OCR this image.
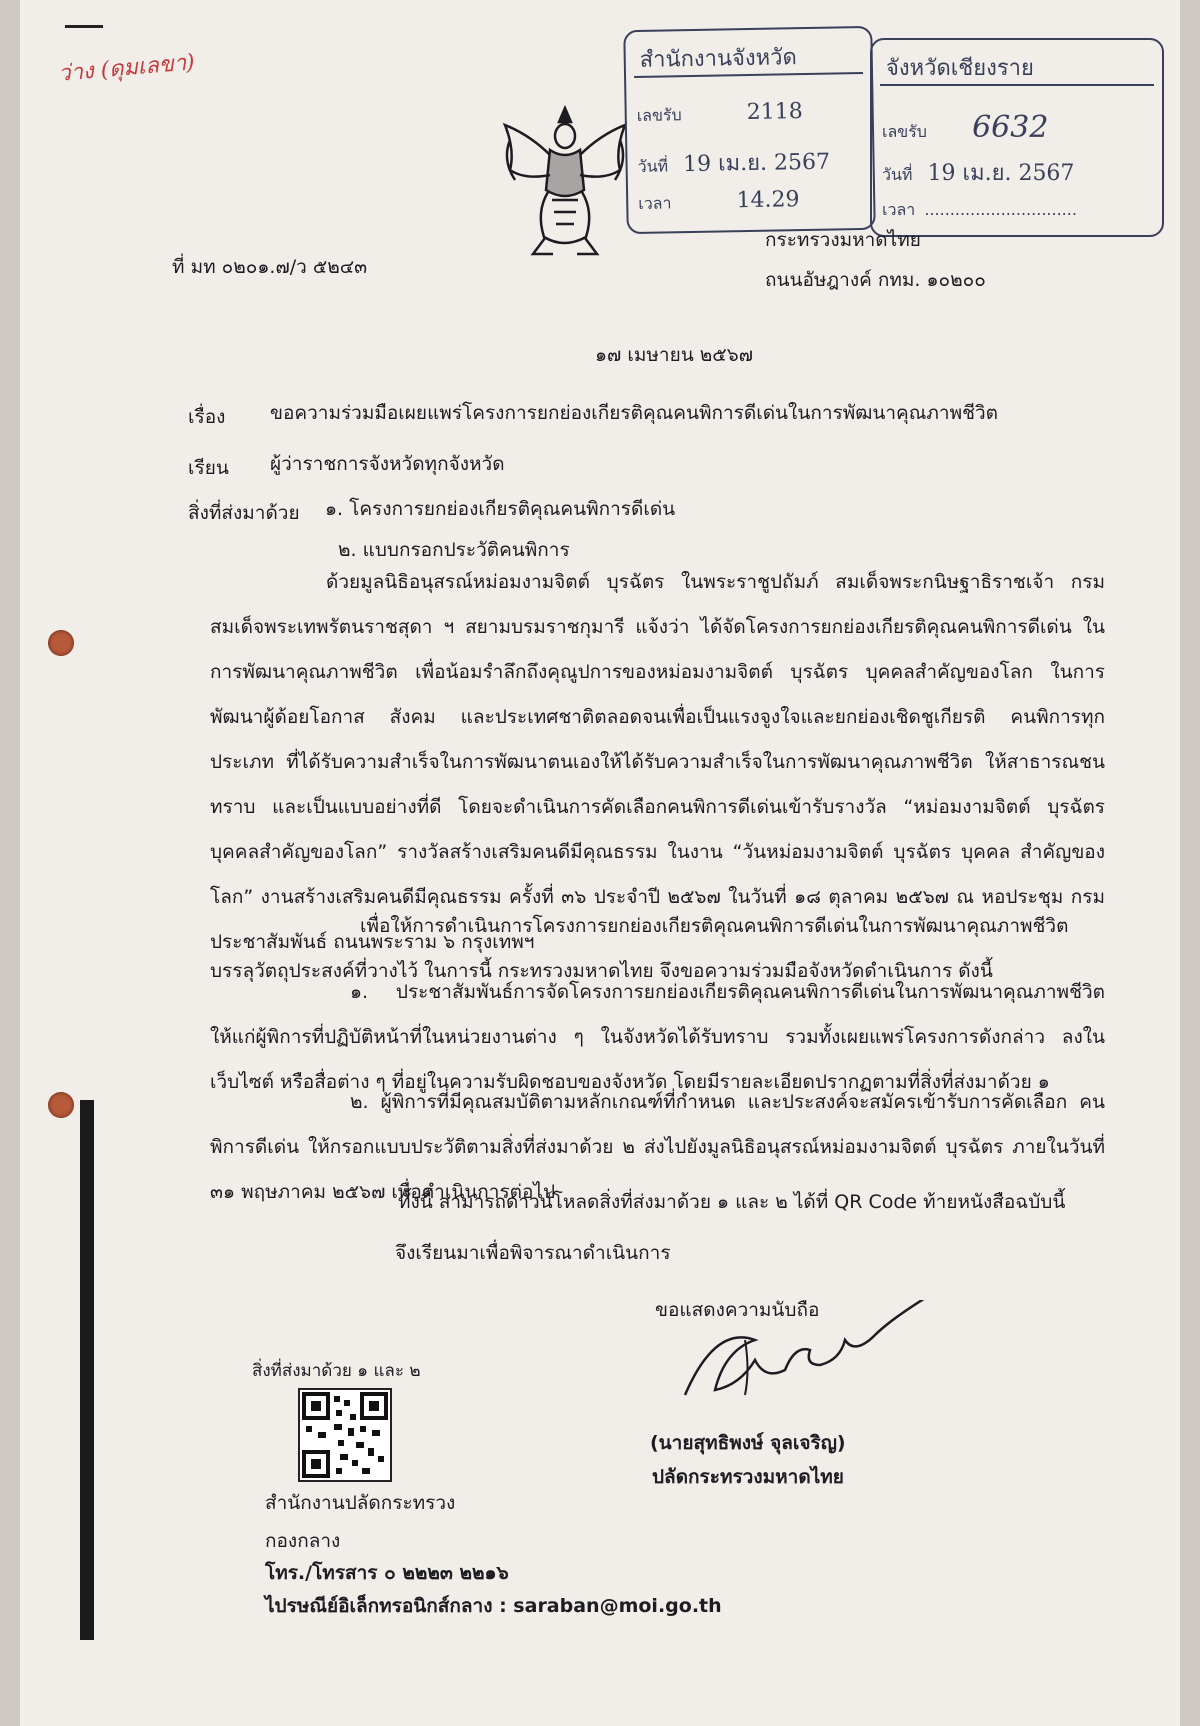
ว่าง (ดุมเลขา)	สำนักงานจังหวัด
เลขรับ	2118
วันที่ 19 เม.ย. 2567
เวลา	14.29
จังหวัดเชียงราย
เลขรับ 6632
วันที่ 19 เม.ย. 2567
เวลา ..............................
ที่ มท ๐๒๐๑.๗/ว ๕๒๔๓
กระทรวงมหาดไทย
ถนนอัษฎางค์ กทม. ๑๐๒๐๐
๑๗ เมษายน ๒๕๖๗
เรื่อง ขอความร่วมมือเผยแพร่โครงการยกย่องเกียรติคุณคนพิการดีเด่นในการพัฒนาคุณภาพชีวิต
เรียน ผู้ว่าราชการจังหวัดทุกจังหวัด
สิ่งที่ส่งมาด้วย ๑. โครงการยกย่องเกียรติคุณคนพิการดีเด่น
๒. แบบกรอกประวัติคนพิการ

ด้วยมูลนิธิอนุสรณ์หม่อมงามจิตต์ บุรฉัตร ในพระราชูปถัมภ์ สมเด็จพระกนิษฐาธิราชเจ้า กรมสมเด็จพระเทพรัตนราชสุดา ฯ สยามบรมราชกุมารี แจ้งว่า ได้จัดโครงการยกย่องเกียรติคุณคนพิการดีเด่น ในการพัฒนาคุณภาพชีวิต เพื่อน้อมรำลึกถึงคุณูปการของหม่อมงามจิตต์ บุรฉัตร บุคคลสำคัญของโลก ในการพัฒนาผู้ด้อยโอกาส สังคม และประเทศชาติตลอดจนเพื่อเป็นแรงจูงใจและยกย่องเชิดชูเกียรติ คนพิการทุกประเภท ที่ได้รับความสำเร็จในการพัฒนาตนเองให้ได้รับความสำเร็จในการพัฒนาคุณภาพชีวิต ให้สาธารณชนทราบ และเป็นแบบอย่างที่ดี โดยจะดำเนินการคัดเลือกคนพิการดีเด่นเข้ารับรางวัล “หม่อมงามจิตต์ บุรฉัตร บุคคลสำคัญของโลก” รางวัลสร้างเสริมคนดีมีคุณธรรม ในงาน “วันหม่อมงามจิตต์ บุรฉัตร บุคคล สำคัญของโลก” งานสร้างเสริมคนดีมีคุณธรรม ครั้งที่ ๓๖ ประจำปี ๒๕๖๗ ในวันที่ ๑๘ ตุลาคม ๒๕๖๗ ณ หอประชุม กรมประชาสัมพันธ์ ถนนพระราม ๖ กรุงเทพฯ

เพื่อให้การดำเนินการโครงการยกย่องเกียรติคุณคนพิการดีเด่นในการพัฒนาคุณภาพชีวิต บรรลุวัตถุประสงค์ที่วางไว้ ในการนี้ กระทรวงมหาดไทย จึงขอความร่วมมือจังหวัดดำเนินการ ดังนี้

๑. ประชาสัมพันธ์การจัดโครงการยกย่องเกียรติคุณคนพิการดีเด่นในการพัฒนาคุณภาพชีวิต ให้แก่ผู้พิการที่ปฏิบัติหน้าที่ในหน่วยงานต่าง ๆ ในจังหวัดได้รับทราบ รวมทั้งเผยแพร่โครงการดังกล่าว ลงในเว็บไซต์ หรือสื่อต่าง ๆ ที่อยู่ในความรับผิดชอบของจังหวัด โดยมีรายละเอียดปรากฏตามที่สิ่งที่ส่งมาด้วย ๑

๒. ผู้พิการที่มีคุณสมบัติตามหลักเกณฑ์ที่กำหนด และประสงค์จะสมัครเข้ารับการคัดเลือก คนพิการดีเด่น ให้กรอกแบบประวัติตามสิ่งที่ส่งมาด้วย ๒ ส่งไปยังมูลนิธิอนุสรณ์หม่อมงามจิตต์ บุรฉัตร ภายในวันที่ ๓๑ พฤษภาคม ๒๕๖๗ เพื่อดำเนินการต่อไป

ทั้งนี้ สามารถดาวน์โหลดสิ่งที่ส่งมาด้วย ๑ และ ๒ ได้ที่ QR Code ท้ายหนังสือฉบับนี้
จึงเรียนมาเพื่อพิจารณาดำเนินการ
ขอแสดงความนับถือ
(นายสุทธิพงษ์ จุลเจริญ)
ปลัดกระทรวงมหาดไทย
สิ่งที่ส่งมาด้วย ๑ และ ๒
สำนักงานปลัดกระทรวง
กองกลาง
โทร./โทรสาร ๐ ๒๒๒๓ ๒๒๑๖
ไปรษณีย์อิเล็กทรอนิกส์กลาง : saraban@moi.go.th
